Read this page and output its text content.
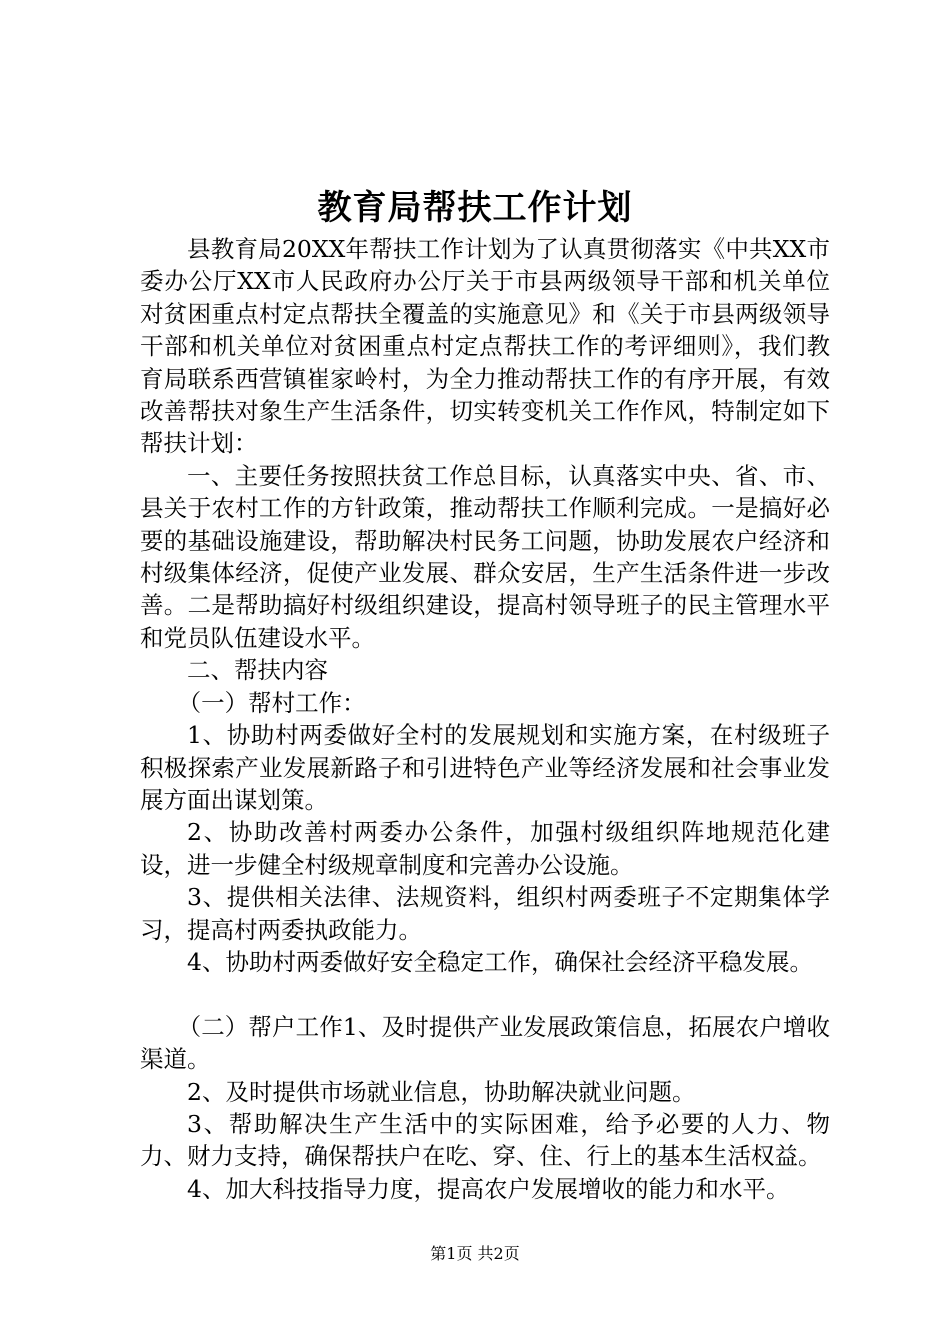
教育局帮扶工作计划

县教育局20XX年帮扶工作计划为了认真贯彻落实《中共XX市委办公厅XX市人民政府办公厅关于市县两级领导干部和机关单位对贫困重点村定点帮扶全覆盖的实施意见》和《关于市县两级领导干部和机关单位对贫困重点村定点帮扶工作的考评细则》，我们教育局联系西营镇崔家岭村，为全力推动帮扶工作的有序开展，有效改善帮扶对象生产生活条件，切实转变机关工作作风，特制定如下帮扶计划：

一、主要任务按照扶贫工作总目标，认真落实中央、省、市、县关于农村工作的方针政策，推动帮扶工作顺利完成。一是搞好必要的基础设施建设，帮助解决村民务工问题，协助发展农户经济和村级集体经济，促使产业发展、群众安居，生产生活条件进一步改善。二是帮助搞好村级组织建设，提高村领导班子的民主管理水平和党员队伍建设水平。

二、帮扶内容

（一）帮村工作：

1、协助村两委做好全村的发展规划和实施方案，在村级班子积极探索产业发展新路子和引进特色产业等经济发展和社会事业发展方面出谋划策。

2、协助改善村两委办公条件，加强村级组织阵地规范化建设，进一步健全村级规章制度和完善办公设施。

3、提供相关法律、法规资料，组织村两委班子不定期集体学习，提高村两委执政能力。

4、协助村两委做好安全稳定工作，确保社会经济平稳发展。

（二）帮户工作1、及时提供产业发展政策信息，拓展农户增收渠道。

2、及时提供市场就业信息，协助解决就业问题。

3、帮助解决生产生活中的实际困难，给予必要的人力、物力、财力支持，确保帮扶户在吃、穿、住、行上的基本生活权益。

4、加大科技指导力度，提高农户发展增收的能力和水平。

第1页 共2页
